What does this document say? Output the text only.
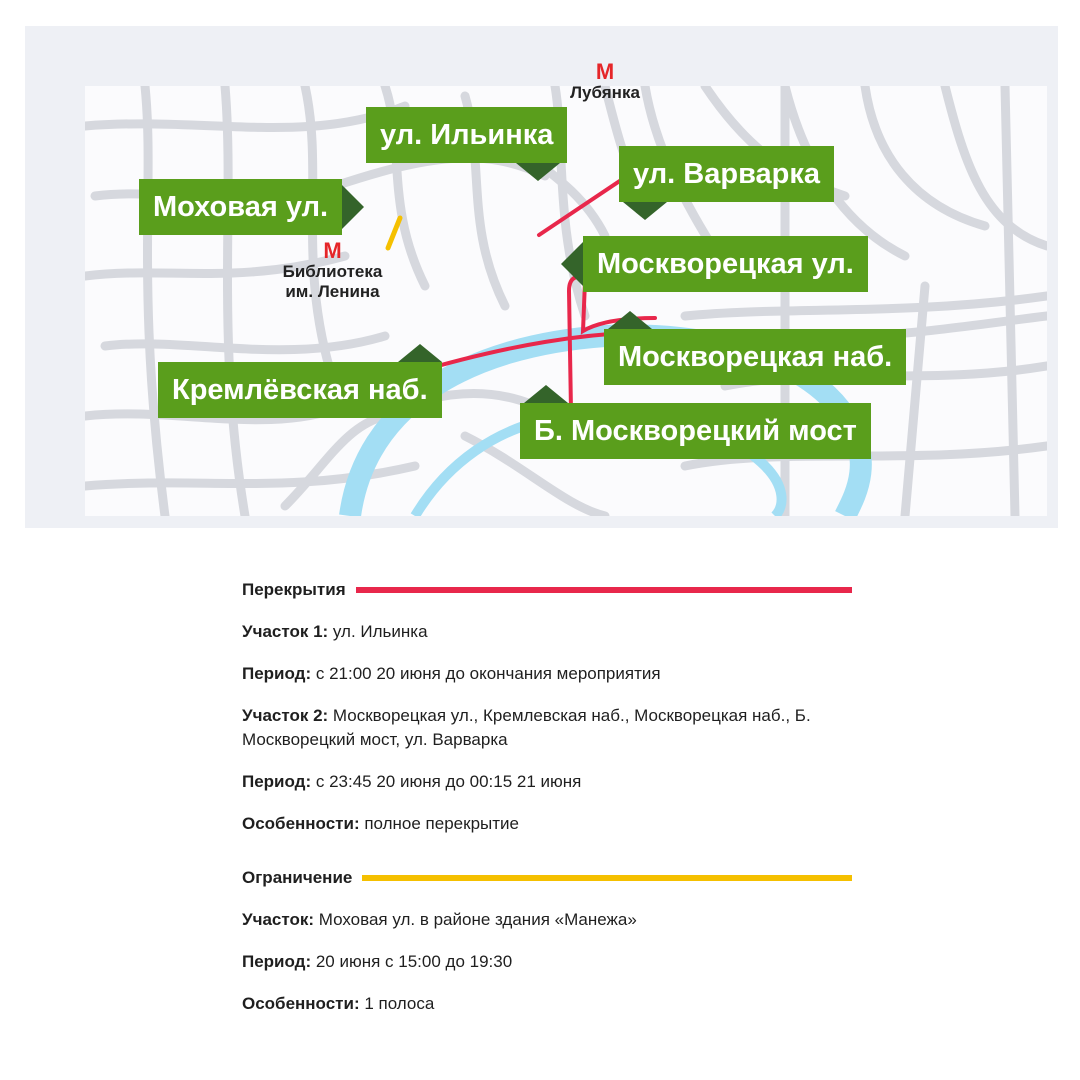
М
Лубянка
М
Библиотека
им. Ленина
ул. Ильинка
ул. Варварка
Моховая ул.
Москворецкая ул.
Москворецкая наб.
Кремлёвская наб.
Б. Москворецкий мост
Перекрытия

Участок 1: ул. Ильинка

Период: с 21:00 20 июня до окончания мероприятия

Участок 2: Москворецкая ул., Кремлевская наб., Москворецкая наб., Б. Москворецкий мост, ул. Варварка

Период: с 23:45 20 июня до 00:15 21 июня

Особенности: полное перекрытие

Ограничение

Участок: Моховая ул. в районе здания «Манежа»

Период: 20 июня с 15:00 до 19:30

Особенности: 1 полоса
